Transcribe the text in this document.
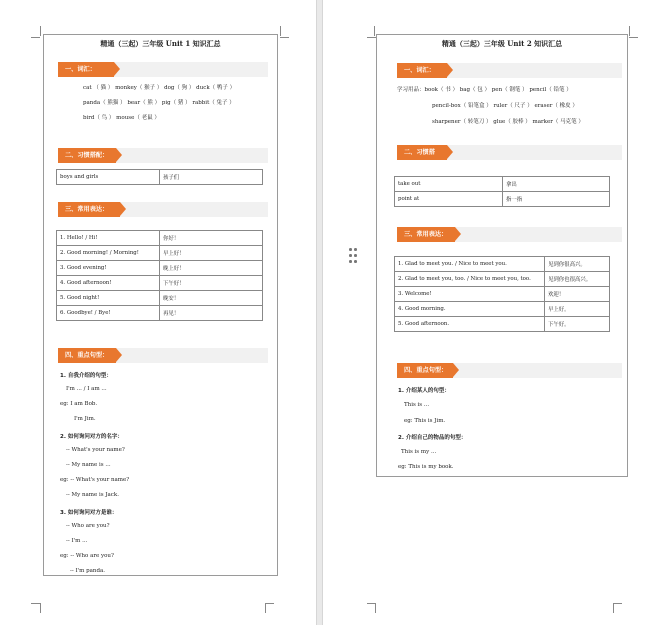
精通（三起）三年级 Unit 1 知识汇总
一、词汇：
cat （ 猫 ） monkey（ 猴子 ） dog（ 狗 ） duck（ 鸭子 ）
panda（ 熊猫 ） bear（ 熊 ） pig（ 猪 ） rabbit（ 兔子 ）
bird（ 鸟 ） mouse（ 老鼠 ）
二、习惯搭配：
boys and girls	孩子们
三、常用表达：
1. Hello! / Hi!	你好！
2. Good morning! / Morning!	早上好！
3. Good evening!	晚上好！
4. Good afternoon!	下午好！
5. Good night!	晚安！
6. Goodbye! / Bye!	再见！
四、重点句型：
1. 自我介绍的句型：
I'm ... / I am ...
eg: I am Bob.
I'm Jim.
2. 如何询问对方的名字：
-- What's your name?
-- My name is ...
eg: -- What's your name?
-- My name is Jack.
3. 如何询问对方是谁：
-- Who are you?
-- I'm ...
eg: -- Who are you?
-- I'm panda.
精通（三起）三年级 Unit 2 知识汇总
一、词汇：
学习用品：book（ 书 ） bag（ 包 ） pen（ 钢笔 ） pencil（ 铅笔 ）
pencil-box（ 铅笔盒 ） ruler（ 尺子 ） eraser（ 橡皮 ）
sharpener（ 转笔刀 ） glue（ 胶棒 ） marker（ 马克笔 ）
二、习惯搭配：
take out	拿出
point at	指一指
三、常用表达：
1. Glad to meet you. / Nice to meet you.	见到你很高兴。
2. Glad to meet you, too. / Nice to meet you, too.	见到你也很高兴。
3. Welcome!	欢迎！
4. Good morning.	早上好。
5. Good afternoon.	下午好。
四、重点句型：
1. 介绍某人的句型：
This is ...
eg: This is Jim.
2. 介绍自己的物品的句型：
This is my ...
eg: This is my book.
